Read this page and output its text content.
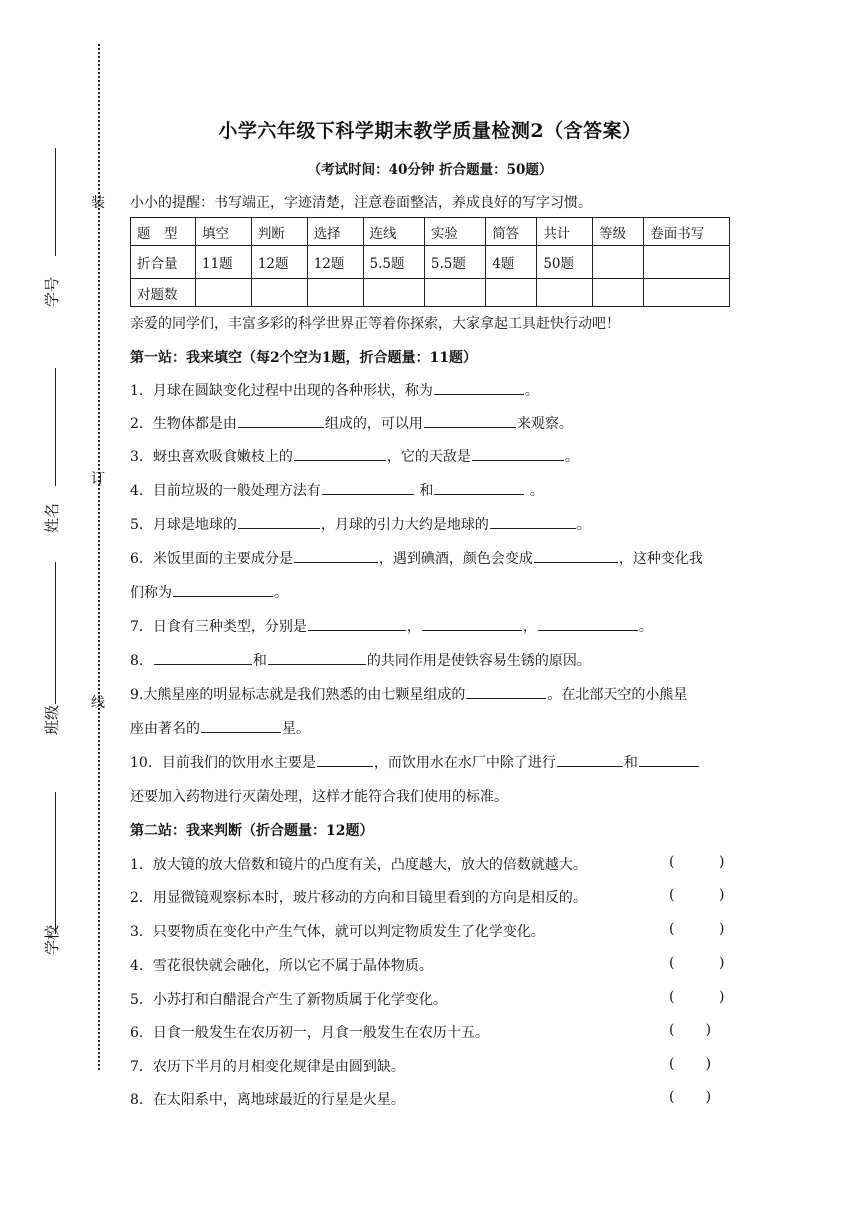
学号
姓名
班级
学校
装
订
线
小学六年级下科学期末教学质量检测2（含答案）
（考试时间：40分钟 折合题量：50题）
小小的提醒：书写端正，字迹清楚，注意卷面整洁，养成良好的写字习惯。
题　型	填空	判断	选择	连线	实验	简答	共计	等级	卷面书写
折合量	11题	12题	12题	5.5题	5.5题	4题	50题		
对题数									
亲爱的同学们，丰富多彩的科学世界正等着你探索，大家拿起工具赶快行动吧！
第一站：我来填空（每2个空为1题，折合题量：11题）
1．月球在圆缺变化过程中出现的各种形状，称为	。
2．生物体都是由	组成的，可以用	来观察。
3．蚜虫喜欢吸食嫩枝上的	，它的天敌是	。
4．目前垃圾的一般处理方法有	和	。
5．月球是地球的	，月球的引力大约是地球的	。
6．米饭里面的主要成分是	，遇到碘酒，颜色会变成	，这种变化我
们称为	。
7．日食有三种类型，分别是	，	，	。
8．	和	的共同作用是使铁容易生锈的原因。
9.大熊星座的明显标志就是我们熟悉的由七颗星组成的	。在北部天空的小熊星
座由著名的	星。
10．目前我们的饮用水主要是	，而饮用水在水厂中除了进行	和
还要加入药物进行灭菌处理，这样才能符合我们使用的标准。
第二站：我来判断（折合题量：12题）
1．放大镜的放大倍数和镜片的凸度有关，凸度越大，放大的倍数就越大。	(          )
2．用显微镜观察标本时，玻片移动的方向和目镜里看到的方向是相反的。	(          )
3．只要物质在变化中产生气体，就可以判定物质发生了化学变化。	(          )
4．雪花很快就会融化，所以它不属于晶体物质。	(          )
5．小苏打和白醋混合产生了新物质属于化学变化。	(          )
6．日食一般发生在农历初一，月食一般发生在农历十五。	(       )
7．农历下半月的月相变化规律是由圆到缺。	(       )
8．在太阳系中，离地球最近的行星是火星。	(       )
